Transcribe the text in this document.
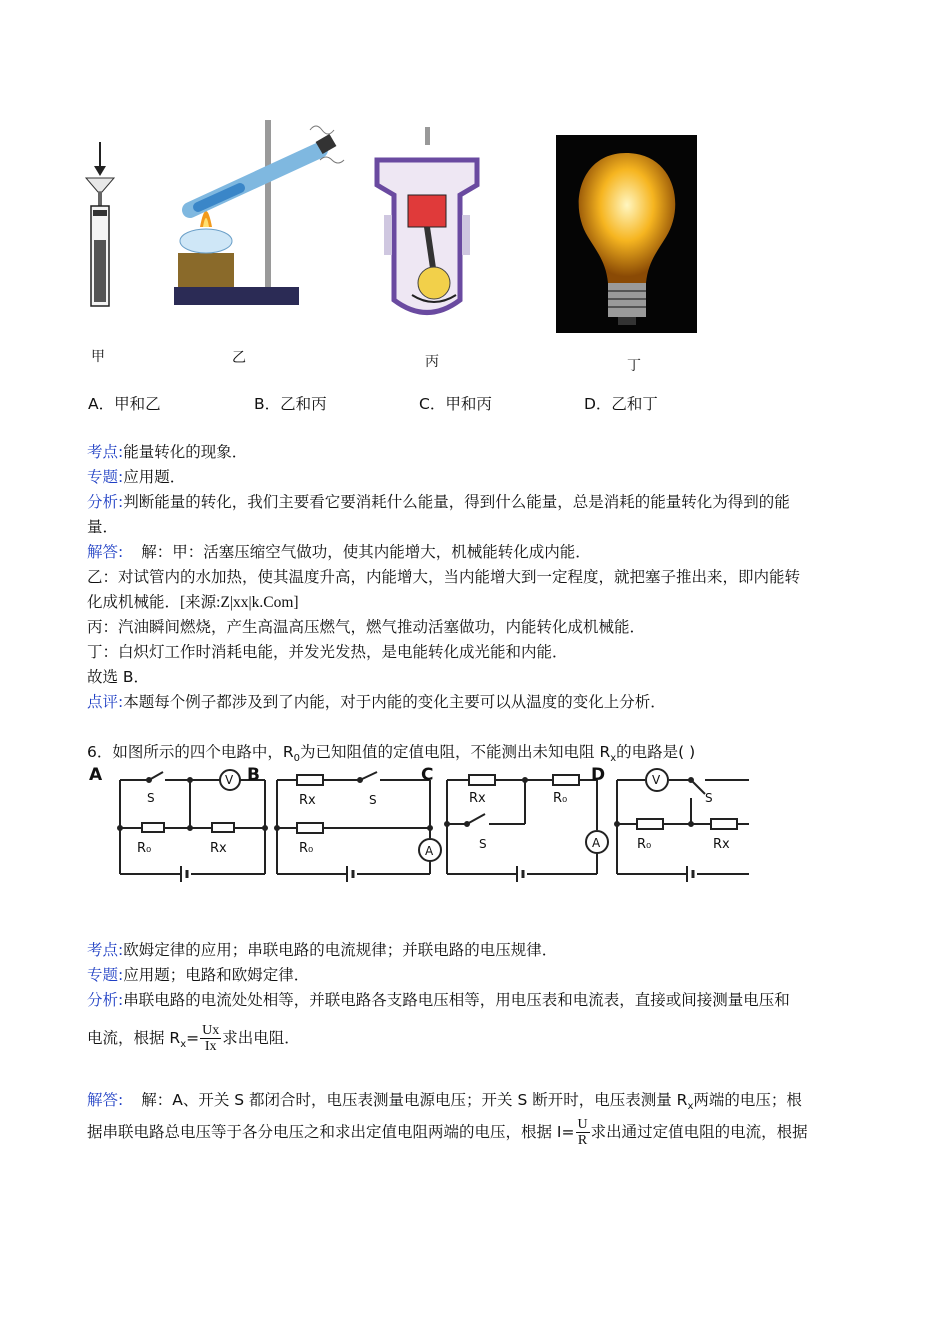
甲	乙	丙	丁
A．甲和乙	B．乙和丙	C．甲和丙	D．乙和丁
考点:能量转化的现象．
专题:应用题．
分析:判断能量的转化，我们主要看它要消耗什么能量，得到什么能量，总是消耗的能量转化为得到的能
量．
解答: 解：甲：活塞压缩空气做功，使其内能增大，机械能转化成内能．
乙：对试管内的水加热，使其温度升高，内能增大，当内能增大到一定程度，就把塞子推出来，即内能转
化成机械能．[来源:Z|xx|k.Com]
丙：汽油瞬间燃烧，产生高温高压燃气，燃气推动活塞做功，内能转化成机械能．
丁：白炽灯工作时消耗电能，并发光发热，是电能转化成光能和内能．
故选 B．
点评:本题每个例子都涉及到了内能，对于内能的变化主要可以从温度的变化上分析．
6．如图所示的四个电路中，$R_0$为已知阻值的定值电阻，不能测出未知电阻 $R_x$的电路是( )
A
S
V
R₀	Rx
B
Rx	S
R₀	A
C
Rx	R₀
S	A
D	V
S
R₀	Rx
考点:欧姆定律的应用；串联电路的电流规律；并联电路的电压规律．
专题:应用题；电路和欧姆定律．
分析:串联电路的电流处处相等，并联电路各支路电压相等，用电压表和电流表，直接或间接测量电压和
电流，根据 $R_x= \frac{Ux}{Ix}$ 求出电阻．
解答: 解：A、开关 S 都闭合时，电压表测量电源电压；开关 S 断开时，电压表测量 $R_x$两端的电压；根
据串联电路总电压等于各分电压之和求出定值电阻两端的电压，根据 $I= \frac{U}{R}$ 求出通过定值电阻的电流，根据
